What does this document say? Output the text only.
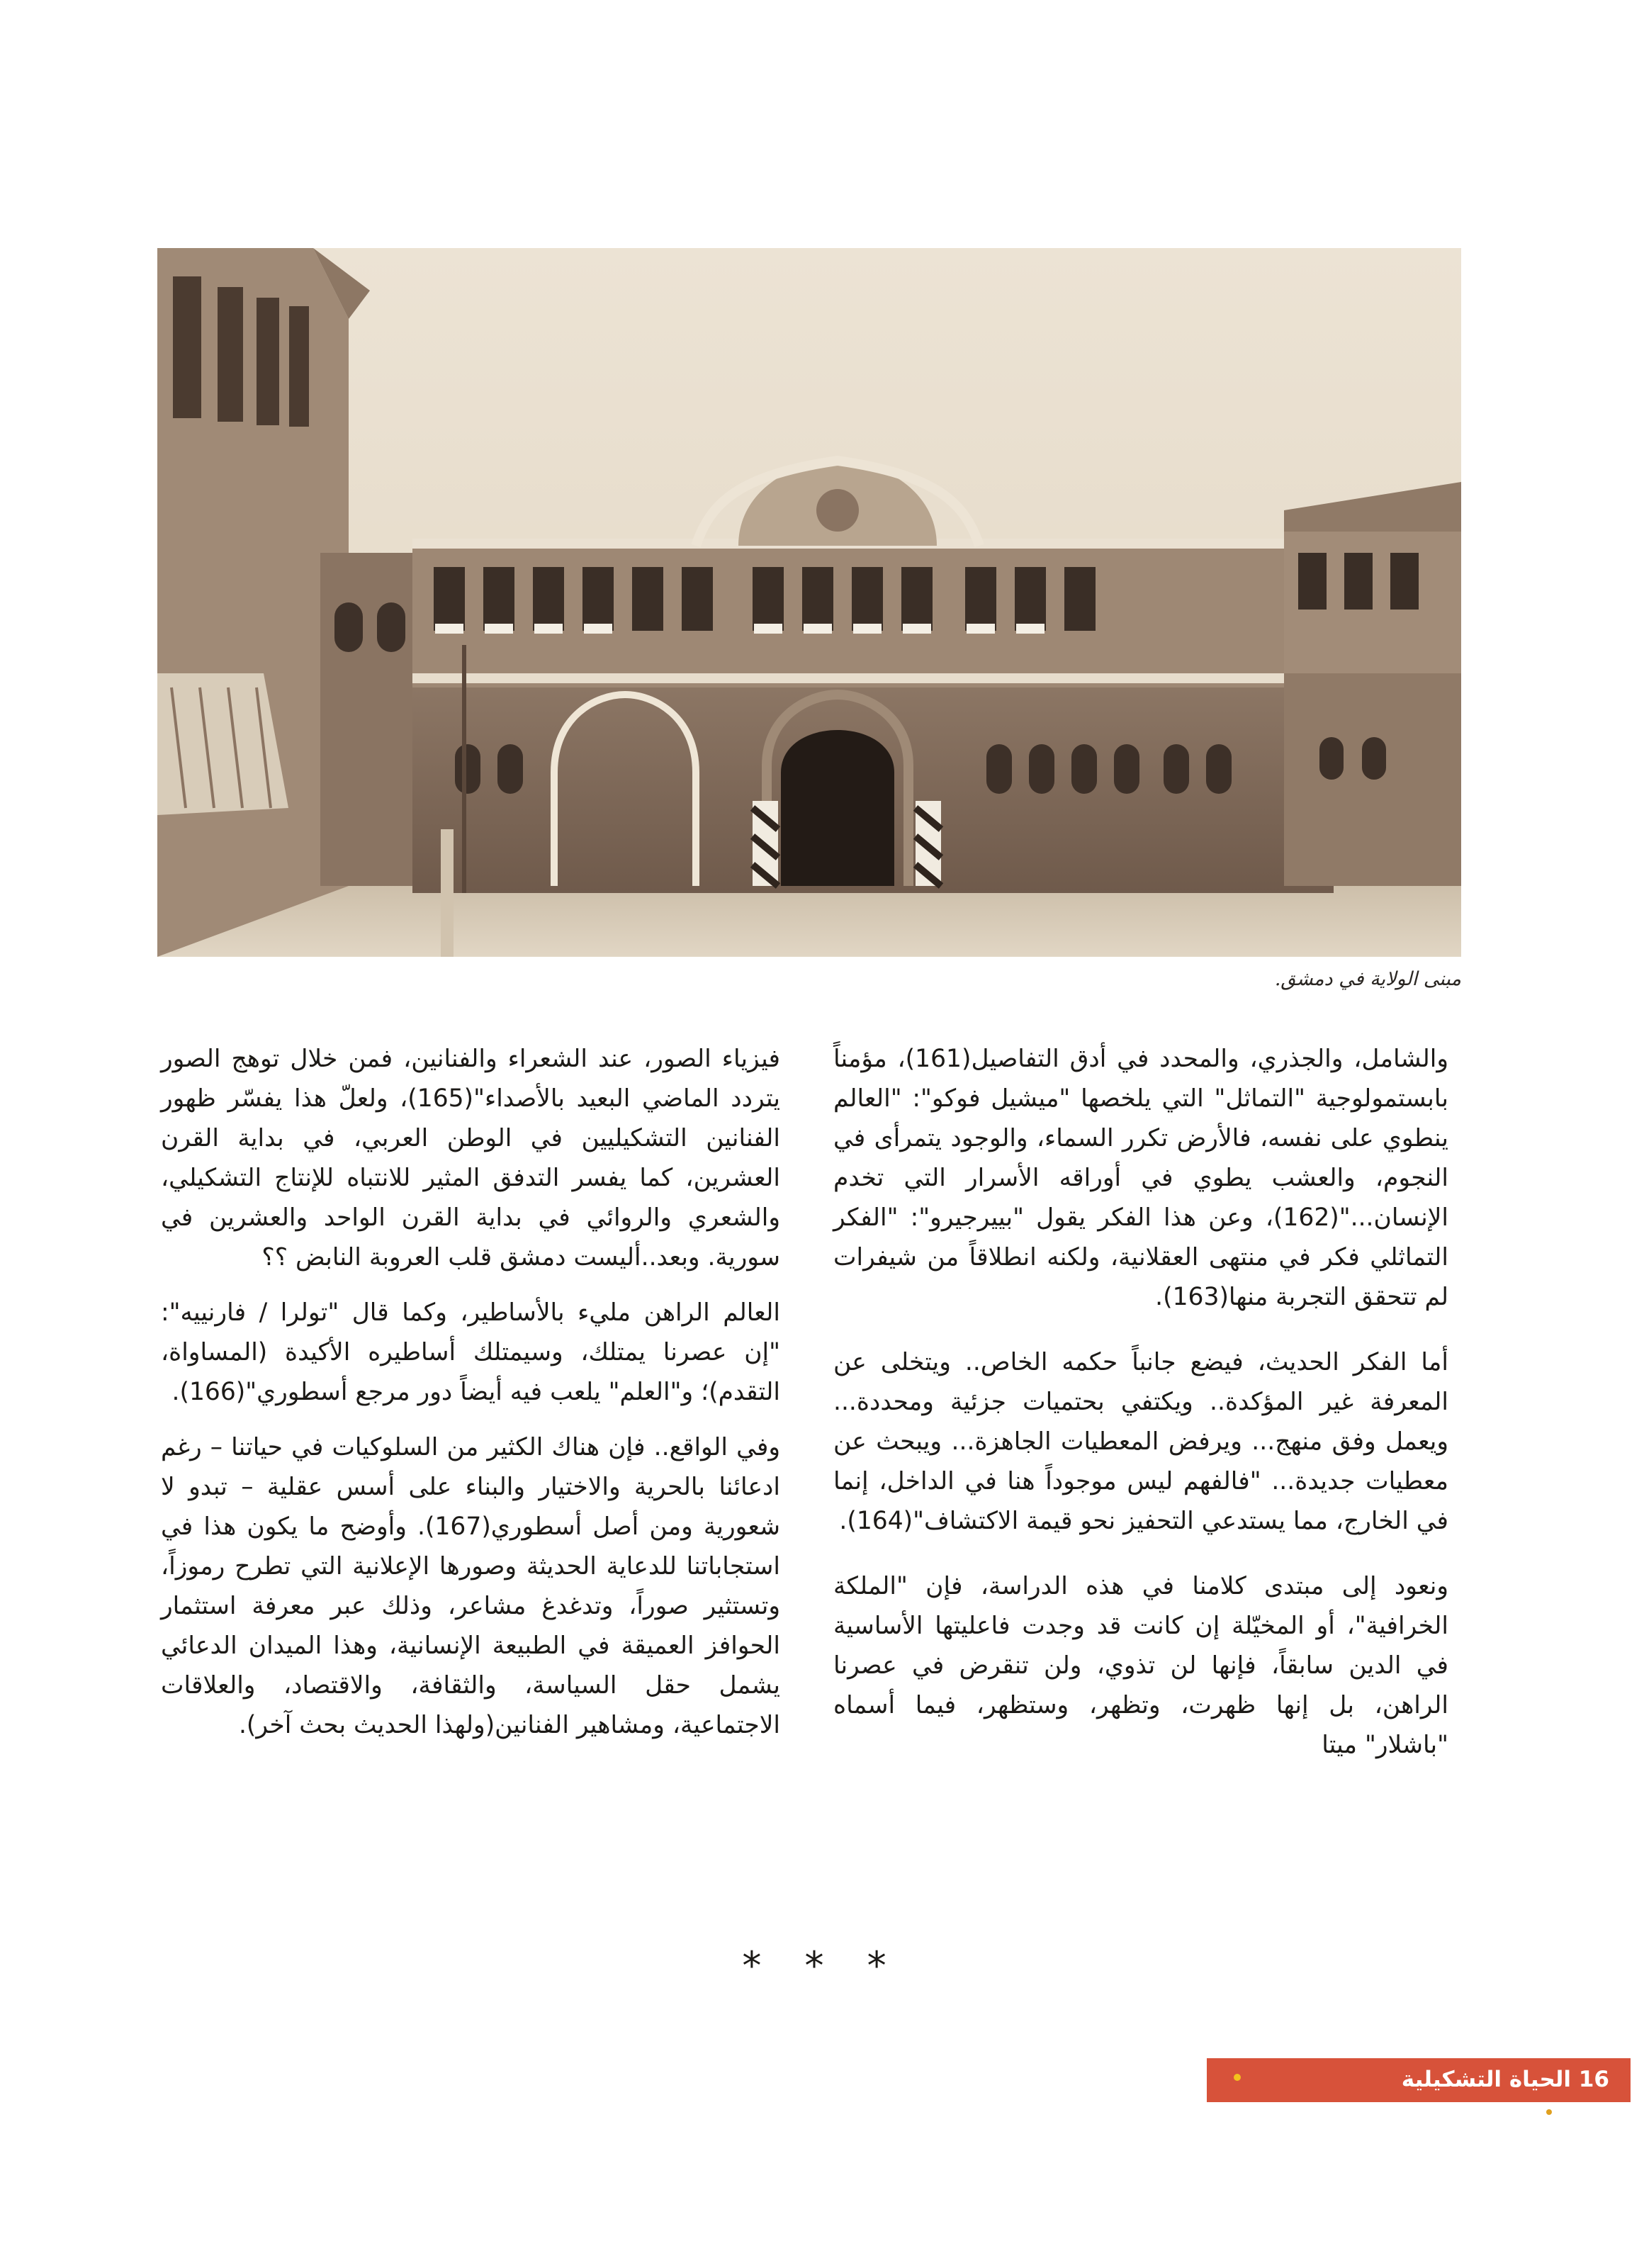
مبنى الولاية في دمشق.

والشامل، والجذري، والمحدد في أدق التفاصيل(161)، مؤمناً بابستمولوجية "التماثل" التي يلخصها "ميشيل فوكو": "العالم ينطوي على نفسه، فالأرض تكرر السماء، والوجود يتمرأى في النجوم، والعشب يطوي في أوراقه الأسرار التي تخدم الإنسان..."(162)، وعن هذا الفكر يقول "بييرجيرو": "الفكر التماثلي فكر في منتهى العقلانية، ولكنه انطلاقاً من شيفرات لم تتحقق التجربة منها(163).

أما الفكر الحديث، فيضع جانباً حكمه الخاص.. ويتخلى عن المعرفة غير المؤكدة.. ويكتفي بحتميات جزئية ومحددة... ويعمل وفق منهج... ويرفض المعطيات الجاهزة... ويبحث عن معطيات جديدة... "فالفهم ليس موجوداً هنا في الداخل، إنما في الخارج، مما يستدعي التحفيز نحو قيمة الاكتشاف"(164).

ونعود إلى مبتدى كلامنا في هذه الدراسة، فإن "الملكة الخرافية"، أو المخيّلة إن كانت قد وجدت فاعليتها الأساسية في الدين سابقاً، فإنها لن تذوي، ولن تنقرض في عصرنا الراهن، بل إنها ظهرت، وتظهر، وستظهر، فيما أسماه "باشلار" ميتا

فيزياء الصور، عند الشعراء والفنانين، فمن خلال توهج الصور يتردد الماضي البعيد بالأصداء"(165)، ولعلّ هذا يفسّر ظهور الفنانين التشكيليين في الوطن العربي، في بداية القرن العشرين، كما يفسر التدفق المثير للانتباه للإنتاج التشكيلي، والشعري والروائي في بداية القرن الواحد والعشرين في سورية. وبعد..أليست دمشق قلب العروبة النابض ؟؟

العالم الراهن مليء بالأساطير، وكما قال "تولرا / فارنييه": "إن عصرنا يمتلك، وسيمتلك أساطيره الأكيدة (المساواة، التقدم)؛ و"العلم" يلعب فيه أيضاً دور مرجع أسطوري"(166).

وفي الواقع.. فإن هناك الكثير من السلوكيات في حياتنا – رغم ادعائنا بالحرية والاختيار والبناء على أسس عقلية – تبدو لا شعورية ومن أصل أسطوري(167). وأوضح ما يكون هذا في استجاباتنا للدعاية الحديثة وصورها الإعلانية التي تطرح رموزاً، وتستثير صوراً، وتدغدغ مشاعر، وذلك عبر معرفة استثمار الحوافز العميقة في الطبيعة الإنسانية، وهذا الميدان الدعائي يشمل حقل السياسة، والثقافة، والاقتصاد، والعلاقات الاجتماعية، ومشاهير الفنانين(ولهذا الحديث بحث آخر).

* * *
16 الحياة التشكيلية
